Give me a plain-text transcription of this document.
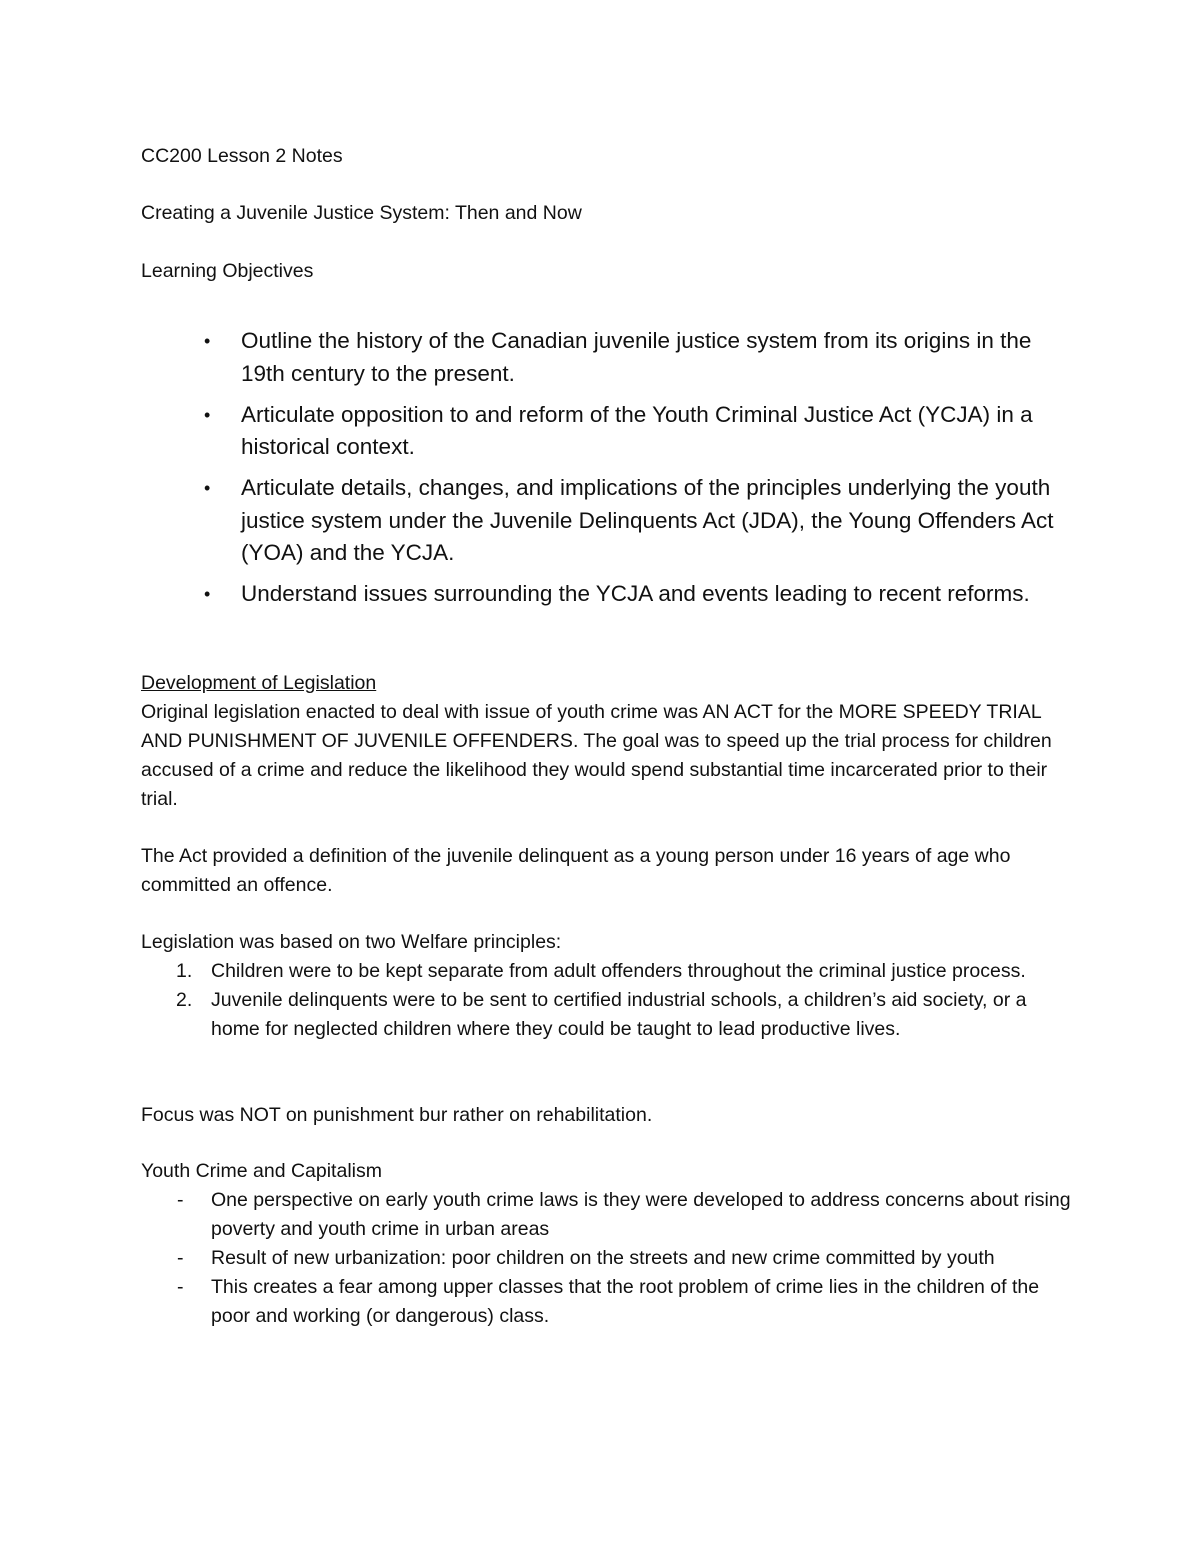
CC200 Lesson 2 Notes
Creating a Juvenile Justice System: Then and Now
Learning Objectives
• Outline the history of the Canadian juvenile justice system from its origins in the 19th century to the present.
• Articulate opposition to and reform of the Youth Criminal Justice Act (YCJA) in a historical context.
• Articulate details, changes, and implications of the principles underlying the youth justice system under the Juvenile Delinquents Act (JDA), the Young Offenders Act (YOA) and the YCJA.
• Understand issues surrounding the YCJA and events leading to recent reforms.
Development of Legislation

Original legislation enacted to deal with issue of youth crime was AN ACT for the MORE SPEEDY TRIAL AND PUNISHMENT OF JUVENILE OFFENDERS. The goal was to speed up the trial process for children accused of a crime and reduce the likelihood they would spend substantial time incarcerated prior to their trial.

The Act provided a definition of the juvenile delinquent as a young person under 16 years of age who committed an offence.

Legislation was based on two Welfare principles:
1. Children were to be kept separate from adult offenders throughout the criminal justice process.
2. Juvenile delinquents were to be sent to certified industrial schools, a children’s aid society, or a home for neglected children where they could be taught to lead productive lives.
Focus was NOT on punishment bur rather on rehabilitation.
Youth Crime and Capitalism
- One perspective on early youth crime laws is they were developed to address concerns about rising poverty and youth crime in urban areas
- Result of new urbanization: poor children on the streets and new crime committed by youth
- This creates a fear among upper classes that the root problem of crime lies in the children of the poor and working (or dangerous) class.
